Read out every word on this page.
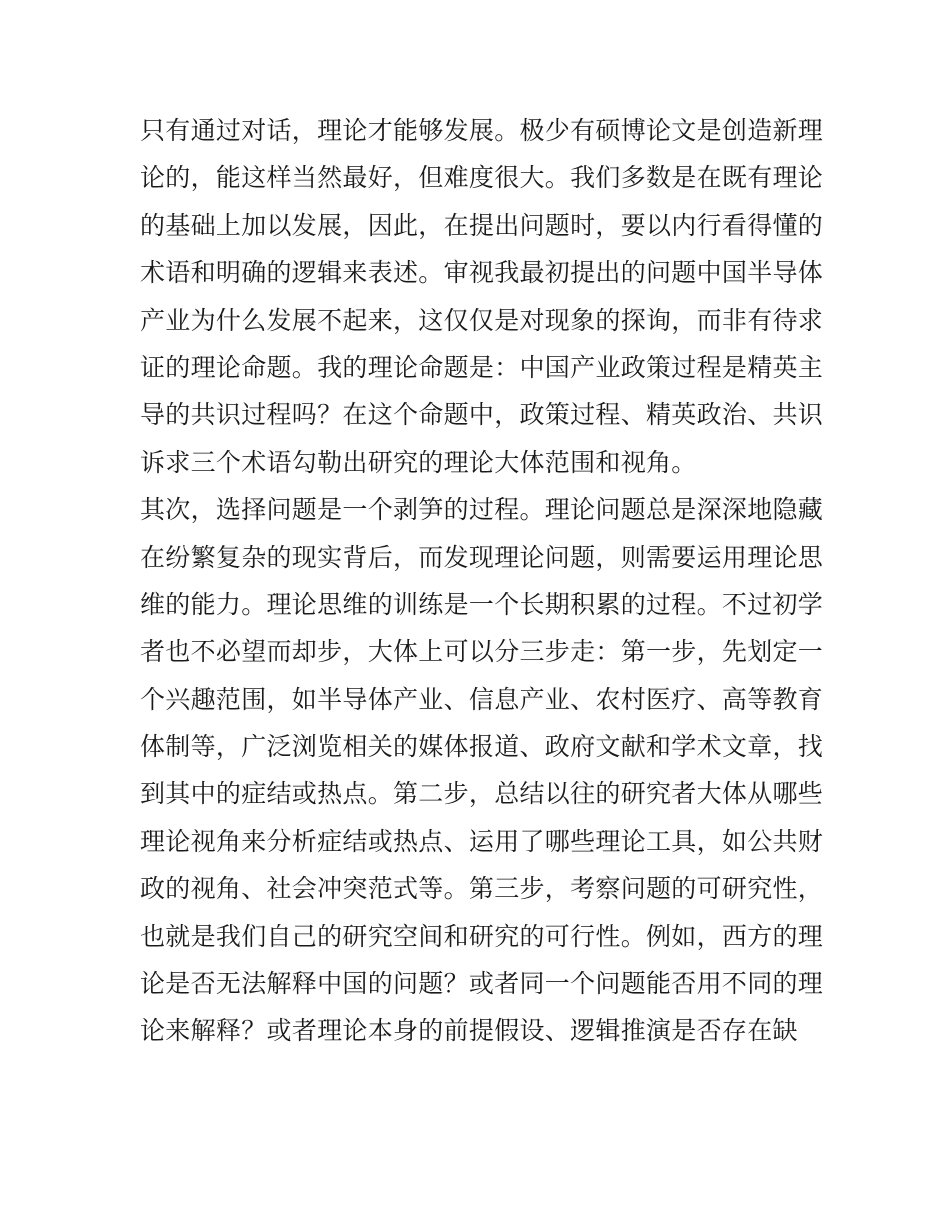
只有通过对话，理论才能够发展。极少有硕博论文是创造新理
论的，能这样当然最好，但难度很大。我们多数是在既有理论
的基础上加以发展，因此，在提出问题时，要以内行看得懂的
术语和明确的逻辑来表述。审视我最初提出的问题中国半导体
产业为什么发展不起来，这仅仅是对现象的探询，而非有待求
证的理论命题。我的理论命题是：中国产业政策过程是精英主
导的共识过程吗？在这个命题中，政策过程、精英政治、共识
诉求三个术语勾勒出研究的理论大体范围和视角。
其次，选择问题是一个剥笋的过程。理论问题总是深深地隐藏
在纷繁复杂的现实背后，而发现理论问题，则需要运用理论思
维的能力。理论思维的训练是一个长期积累的过程。不过初学
者也不必望而却步，大体上可以分三步走：第一步，先划定一
个兴趣范围，如半导体产业、信息产业、农村医疗、高等教育
体制等，广泛浏览相关的媒体报道、政府文献和学术文章，找
到其中的症结或热点。第二步，总结以往的研究者大体从哪些
理论视角来分析症结或热点、运用了哪些理论工具，如公共财
政的视角、社会冲突范式等。第三步，考察问题的可研究性，
也就是我们自己的研究空间和研究的可行性。例如，西方的理
论是否无法解释中国的问题？或者同一个问题能否用不同的理
论来解释？或者理论本身的前提假设、逻辑推演是否存在缺
